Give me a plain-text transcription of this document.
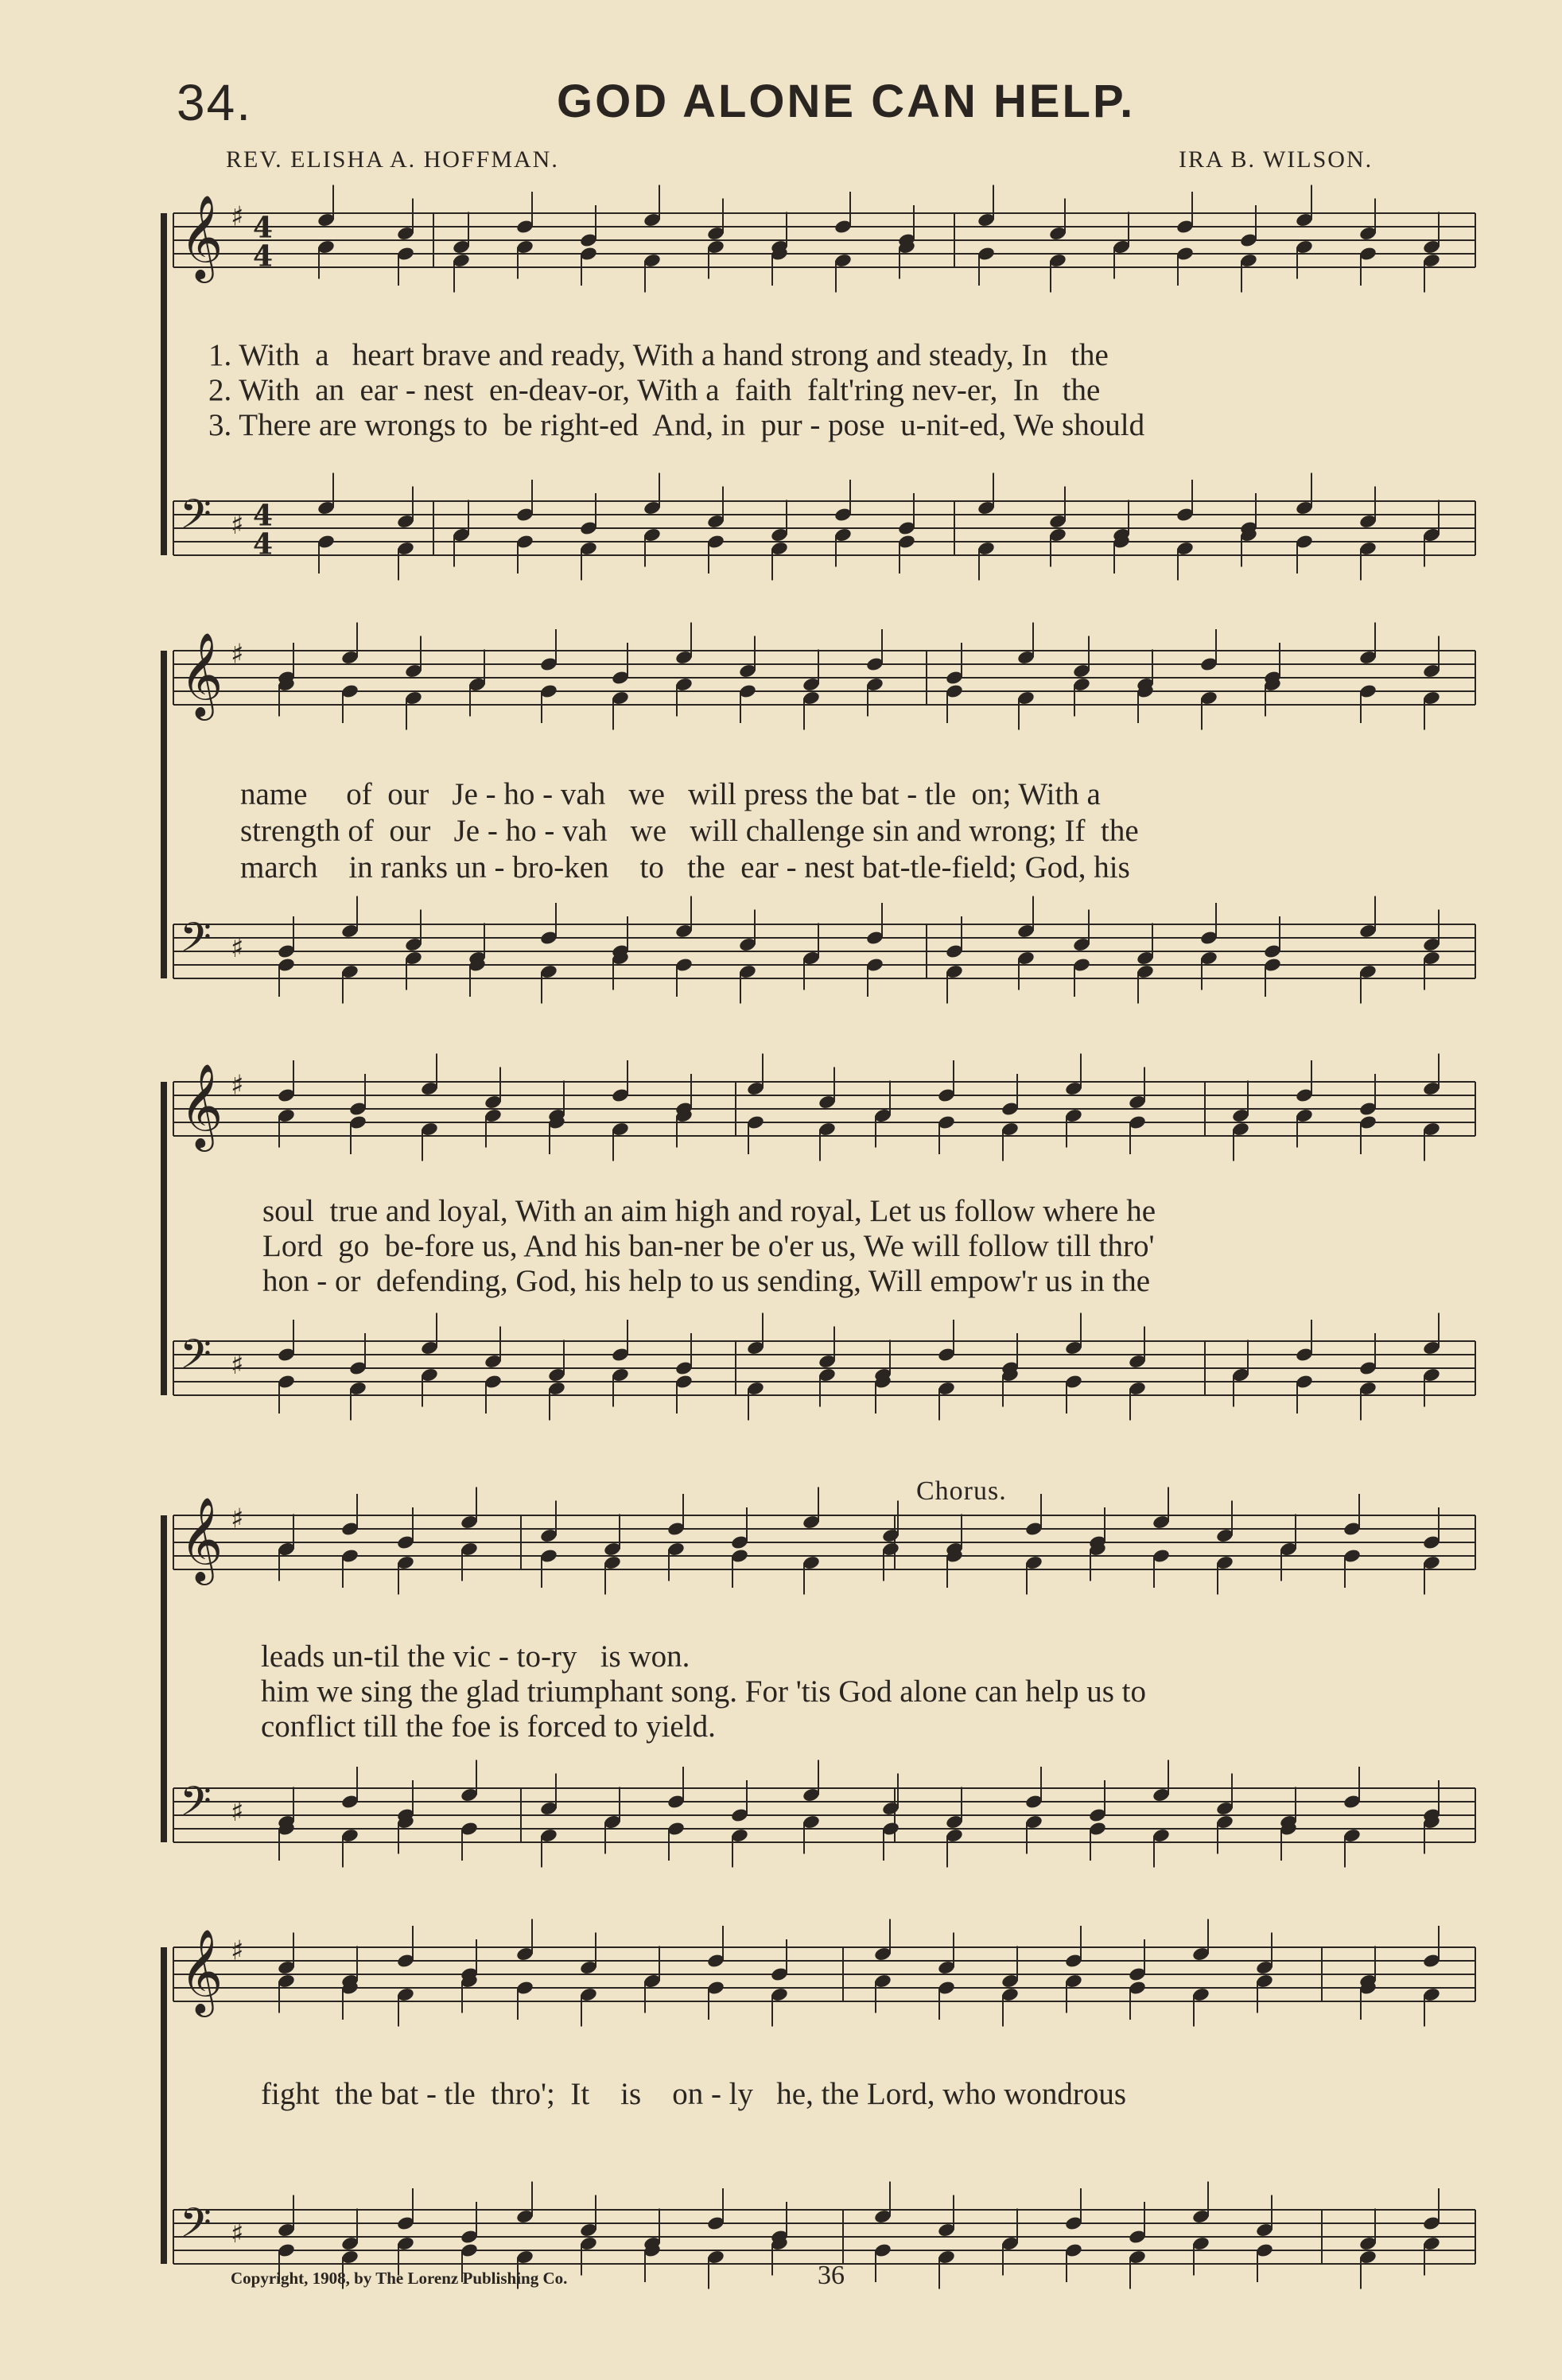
34.	GOD ALONE CAN HELP.
REV. ELISHA A. HOFFMAN.	IRA B. WILSON.
𝄞 ♯ 4
4
𝄢 ♯ 4
4
𝄞 ♯
𝄢 ♯
𝄞 ♯
𝄢 ♯
𝄞 ♯
𝄢 ♯
𝄞 ♯
𝄢 ♯
1. With  a   heart brave and ready, With a hand strong and steady, In   the
2. With  an  ear - nest  en-deav-or, With a  faith  falt'ring nev-er,  In   the
3. There are wrongs to  be right-ed  And, in  pur - pose  u-nit-ed, We should
name     of  our   Je - ho - vah   we   will press the bat - tle  on; With a
strength of  our   Je - ho - vah   we   will challenge sin and wrong; If  the
march    in ranks un - bro-ken    to   the  ear - nest bat-tle-field; God, his
soul  true and loyal, With an aim high and royal, Let us follow where he
Lord  go  be-fore us, And his ban-ner be o'er us, We will follow till thro'
hon - or  defending, God, his help to us sending, Will empow'r us in the
Chorus.
leads un-til the vic - to-ry   is won.
him we sing the glad triumphant song. For 'tis God alone can help us to
conflict till the foe is forced to yield.
fight  the bat - tle  thro';  It    is    on - ly   he, the Lord, who wondrous
Copyright, 1908, by The Lorenz Publishing Co.	36
